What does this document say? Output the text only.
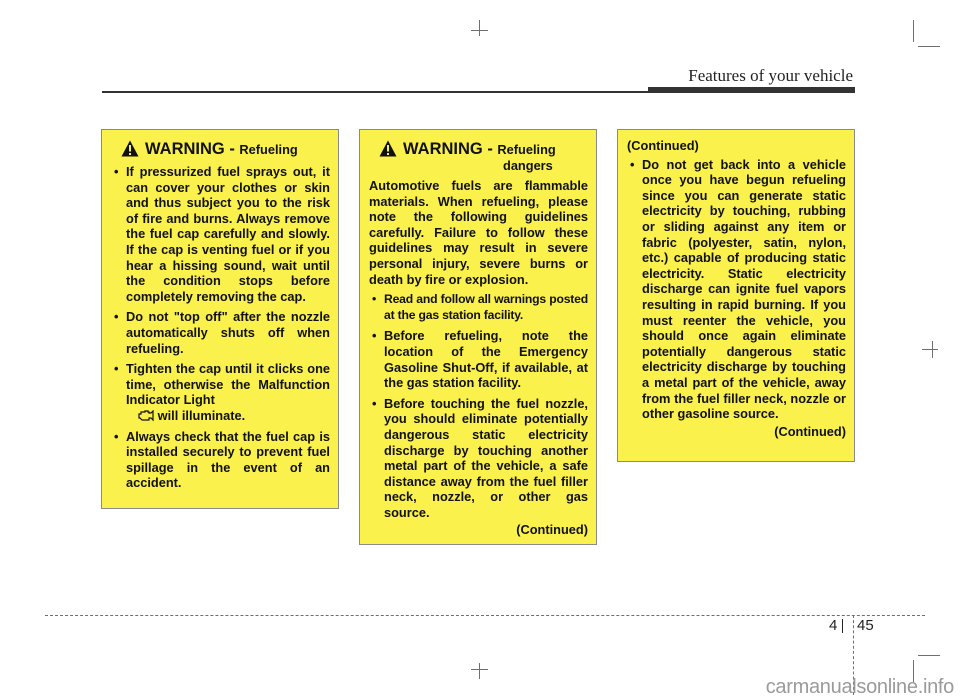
Features of your vehicle
WARNING - Refueling
• If pressurized fuel sprays out, it can cover your clothes or skin and thus subject you to the risk of fire and burns. Always remove the fuel cap carefully and slowly. If the cap is venting fuel or if you hear a hissing sound, wait until the condition stops before completely removing the cap.
• Do not "top off" after the nozzle automatically shuts off when refueling.
• Tighten the cap until it clicks one time, otherwise the Malfunction Indicator Light
will illuminate.
• Always check that the fuel cap is installed securely to prevent fuel spillage in the event of an accident.
WARNING - Refueling
dangers

Automotive fuels are flammable materials. When refueling, please note the following guidelines carefully. Failure to follow these guidelines may result in severe personal injury, severe burns or death by fire or explosion.

• Read and follow all warnings posted at the gas station facility.
• Before refueling, note the location of the Emergency Gasoline Shut-Off, if available, at the gas station facility.
• Before touching the fuel nozzle, you should eliminate potentially dangerous static electricity discharge by touching another metal part of the vehicle, a safe distance away from the fuel filler neck, nozzle, or other gas source.
(Continued)
(Continued)
• Do not get back into a vehicle once you have begun refueling since you can generate static electricity by touching, rubbing or sliding against any item or fabric (polyester, satin, nylon, etc.) capable of producing static electricity. Static electricity discharge can ignite fuel vapors resulting in rapid burning. If you must reenter the vehicle, you should once again eliminate potentially dangerous static electricity discharge by touching a metal part of the vehicle, away from the fuel filler neck, nozzle or other gasoline source.
(Continued)
4 45
carmanualsonline.info
